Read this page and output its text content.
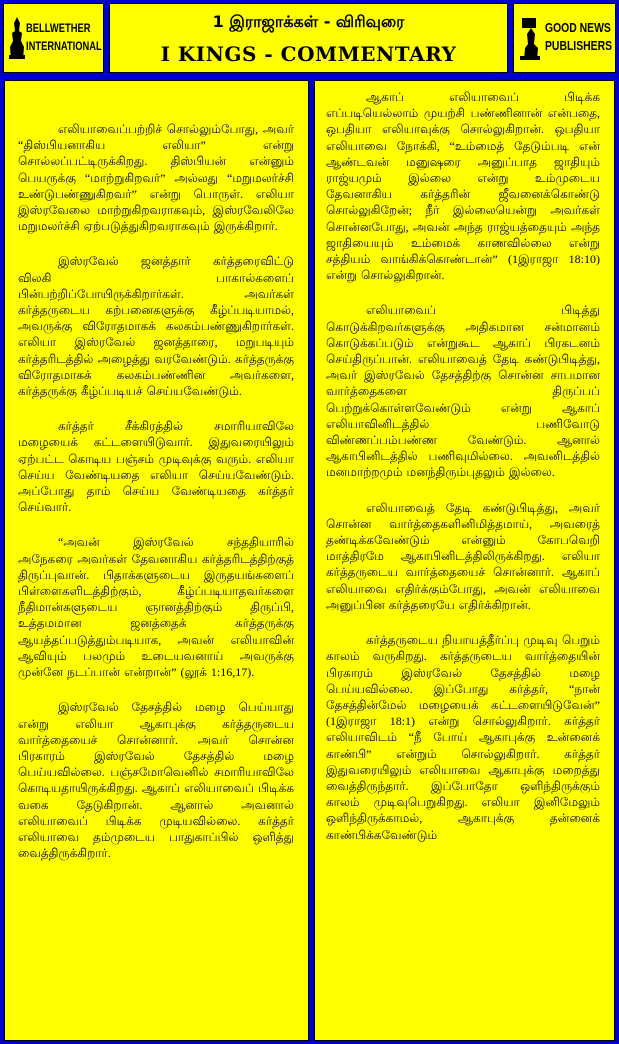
BELLWETHER
INTERNATIONAL
1 இராஜாக்கள் - விரிவுரை
I KINGS - COMMENTARY
GOOD NEWS
PUBLISHERS

எலியாவைப்பற்றிச் சொல்லும்போது, அவர் “திஸ்பியனாகிய எலியா” என்று சொல்லப்பட்டிருக்கிறது. திஸ்பியன் என்னும் பெயருக்கு “மாற்றுகிறவர்” அல்லது “மறுமலர்ச்சி உண்டுபண்ணுகிறவர்” என்று பொருள். எலியா இஸ்ரவேலை மாற்றுகிறவராகவும், இஸ்ரவேலிலே மறுமலர்ச்சி ஏற்படுத்துகிறவராகவும் இருக்கிறார்.

இஸ்ரவேல் ஜனத்தார் கர்த்தரைவிட்டு விலகி பாகால்களைப் பின்பற்றிப்போயிருக்கிறார்கள். அவர்கள் கர்த்தருடைய கற்பனைகளுக்கு கீழ்ப்படியாமல், அவருக்கு விரோதமாகக் கலகம்பண்ணுகிறார்கள். எலியா இஸ்ரவேல் ஜனத்தாரை, மறுபடியும் கர்த்தரிடத்தில் அழைத்து வரவேண்டும். கர்த்தருக்கு விரோதமாகக் கலகம்பண்ணின அவர்களை, கர்த்தருக்கு கீழ்ப்படியச் செய்யவேண்டும்.

கர்த்தர் சீக்கிரத்தில் சமாரியாவிலே மழையைக் கட்டளையிடுவார். இதுவரையிலும் ஏற்பட்ட கொடிய பஞ்சம் முடிவுக்கு வரும். எலியா செய்ய வேண்டியதை எலியா செய்யவேண்டும். அப்போது தாம் செய்ய வேண்டியதை கர்த்தர் செய்வார்.

“அவன் இஸ்ரவேல் சந்ததியாரில் அநேகரை அவர்கள் தேவனாகிய கர்த்தரிடத்திற்குத் திருப்புவான். பிதாக்களுடைய இருதயங்களைப் பிள்ளைகளிடத்திற்கும், கீழ்ப்படியாதவர்களை நீதிமான்களுடைய ஞானத்திற்கும் திருப்பி, உத்தமமான ஜனத்தைக் கர்த்தருக்கு ஆயத்தப்படுத்தும்படியாக, அவன் எலியாவின் ஆவியும் பலமும் உடையவனாய் அவருக்கு முன்னே நடப்பான் என்றான்” (லூக் 1:16,17).

இஸ்ரவேல் தேசத்தில் மழை பெய்யாது என்று எலியா ஆகாபுக்கு கர்த்தருடைய வார்த்தையைச் சொன்னார். அவர் சொன்ன பிரகாரம் இஸ்ரவேல் தேசத்தில் மழை பெய்யவில்லை. பஞ்சமோவெனில் சமாரியாவிலே கொடியதாயிருக்கிறது. ஆகாப் எலியாவைப் பிடிக்க வகை தேடுகிறான். ஆனால் அவனால் எலியாவைப் பிடிக்க முடியவில்லை. கர்த்தர் எலியாவை தம்முடைய பாதுகாப்பில் ஒளித்து வைத்திருக்கிறார்.

ஆகாப் எலியாவைப் பிடிக்க எப்படியெல்லாம் முயற்சி பண்ணினான் என்பதை, ஒபதியா எலியாவுக்கு சொல்லுகிறான். ஒபதியா எலியாவை நோக்கி, “உம்மைத் தேடும்படி என் ஆண்டவன் மனுஷரை அனுப்பாத ஜாதியும் ராஜ்யமும் இல்லை என்று உம்முடைய தேவனாகிய கர்த்தரின் ஜீவனைக்கொண்டு சொல்லுகிறேன்; நீர் இல்லையென்று அவர்கள் சொன்னபோது, அவன் அந்த ராஜ்யத்தையும் அந்த ஜாதியையும் உம்மைக் காணவில்லை என்று சத்தியம் வாங்கிக்கொண்டான்” (1இராஜா 18:10) என்று சொல்லுகிறான்.

எலியாவைப் பிடித்து கொடுக்கிறவர்களுக்கு அதிகமான சன்மானம் கொடுக்கப்படும் என்றுகூட ஆகாப் பிரகடனம் செய்திருப்பான். எலியாவைத் தேடி கண்டுபிடித்து, அவர் இஸ்ரவேல் தேசத்திற்கு சொன்ன சாபமான வார்த்தைகளை திருப்பப் பெற்றுக்கொள்ளவேண்டும் என்று ஆகாப் எலியாவினிடத்தில் பணிவோடு விண்ணப்பம்பண்ண வேண்டும். ஆனால் ஆகாபினிடத்தில் பணிவுமில்லை. அவனிடத்தில் மனமாற்றமும் மனந்திரும்புதலும் இல்லை.

எலியாவைத் தேடி கண்டுபிடித்து, அவர் சொன்ன வார்த்தைகளினிமித்தமாய், அவரைத் தண்டிக்கவேண்டும் என்னும் கோபவெறி மாத்திரமே ஆகாபினிடத்திலிருக்கிறது. எலியா கர்த்தருடைய வார்த்தையைச் சொன்னார். ஆகாப் எலியாவை எதிர்க்கும்போது, அவன் எலியாவை அனுப்பின கர்த்தரையே எதிர்க்கிறான்.

கர்த்தருடைய நியாயத்தீர்ப்பு முடிவு பெறும் காலம் வருகிறது. கர்த்தருடைய வார்த்தையின் பிரகாரம் இஸ்ரவேல் தேசத்தில் மழை பெய்யவில்லை. இப்போது கர்த்தர், “நான் தேசத்தின்மேல் மழையைக் கட்டளையிடுவேன்” (1இராஜா 18:1) என்று சொல்லுகிறார். கர்த்தர் எலியாவிடம் “நீ போய் ஆகாபுக்கு உன்னைக் காண்பி” என்றும் சொல்லுகிறார். கர்த்தர் இதுவரையிலும் எலியாவை ஆகாபுக்கு மறைத்து வைத்திருந்தார். இப்போதோ ஒளிந்திருக்கும் காலம் முடிவுபெறுகிறது. எலியா இனிமேலும் ஒளிந்திருக்காமல், ஆகாபுக்கு தன்னைக் காண்பிக்கவேண்டும்
